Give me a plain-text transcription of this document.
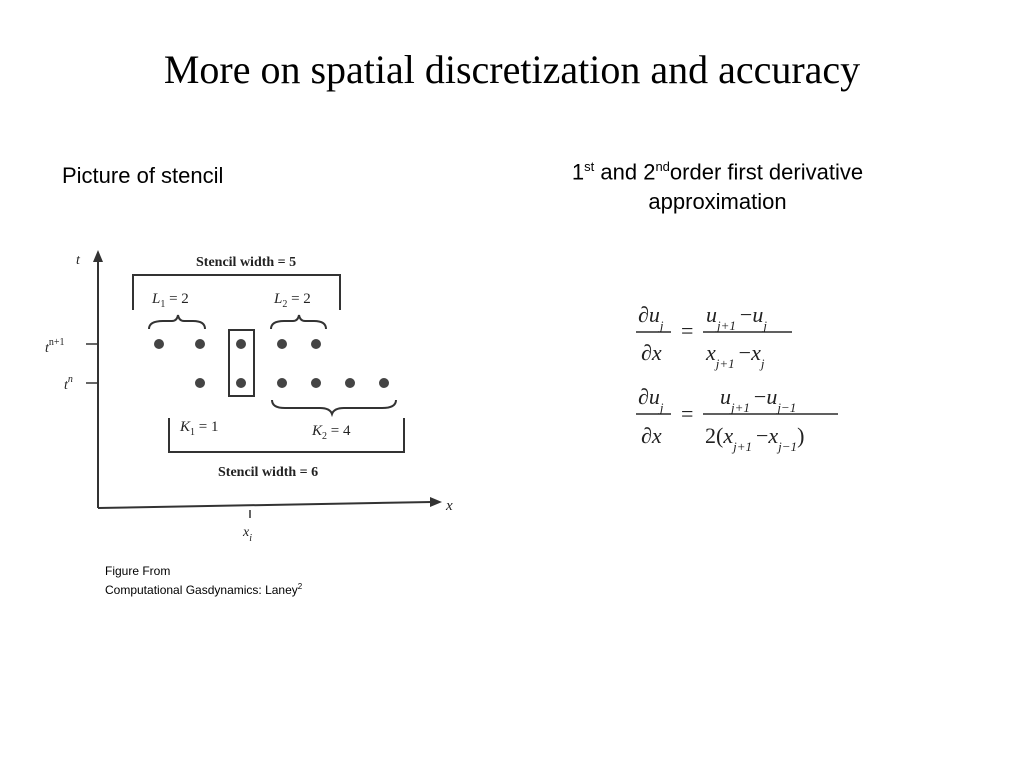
More on spatial discretization and accuracy
Picture of stencil	1st and 2ndorder first derivative
approximation
t
x
$t^{n+1}$
$t^n$
$x_i$
Stencil width = 5
$L_1 = 2$	$L_2 = 2$
$K_1 = 1$	$K_2 = 4$
Stencil width = 6
$\partial u_j$
∂x
=
$u_{j+1} -u_j$
$x_{j+1} -x_j$
$\partial u_j$
∂x
=
$u_{j+1} -u_{j-1}$
$2(x_{j+1} -x_{j-1})$
Figure From
Computational Gasdynamics: Laney$^2$
